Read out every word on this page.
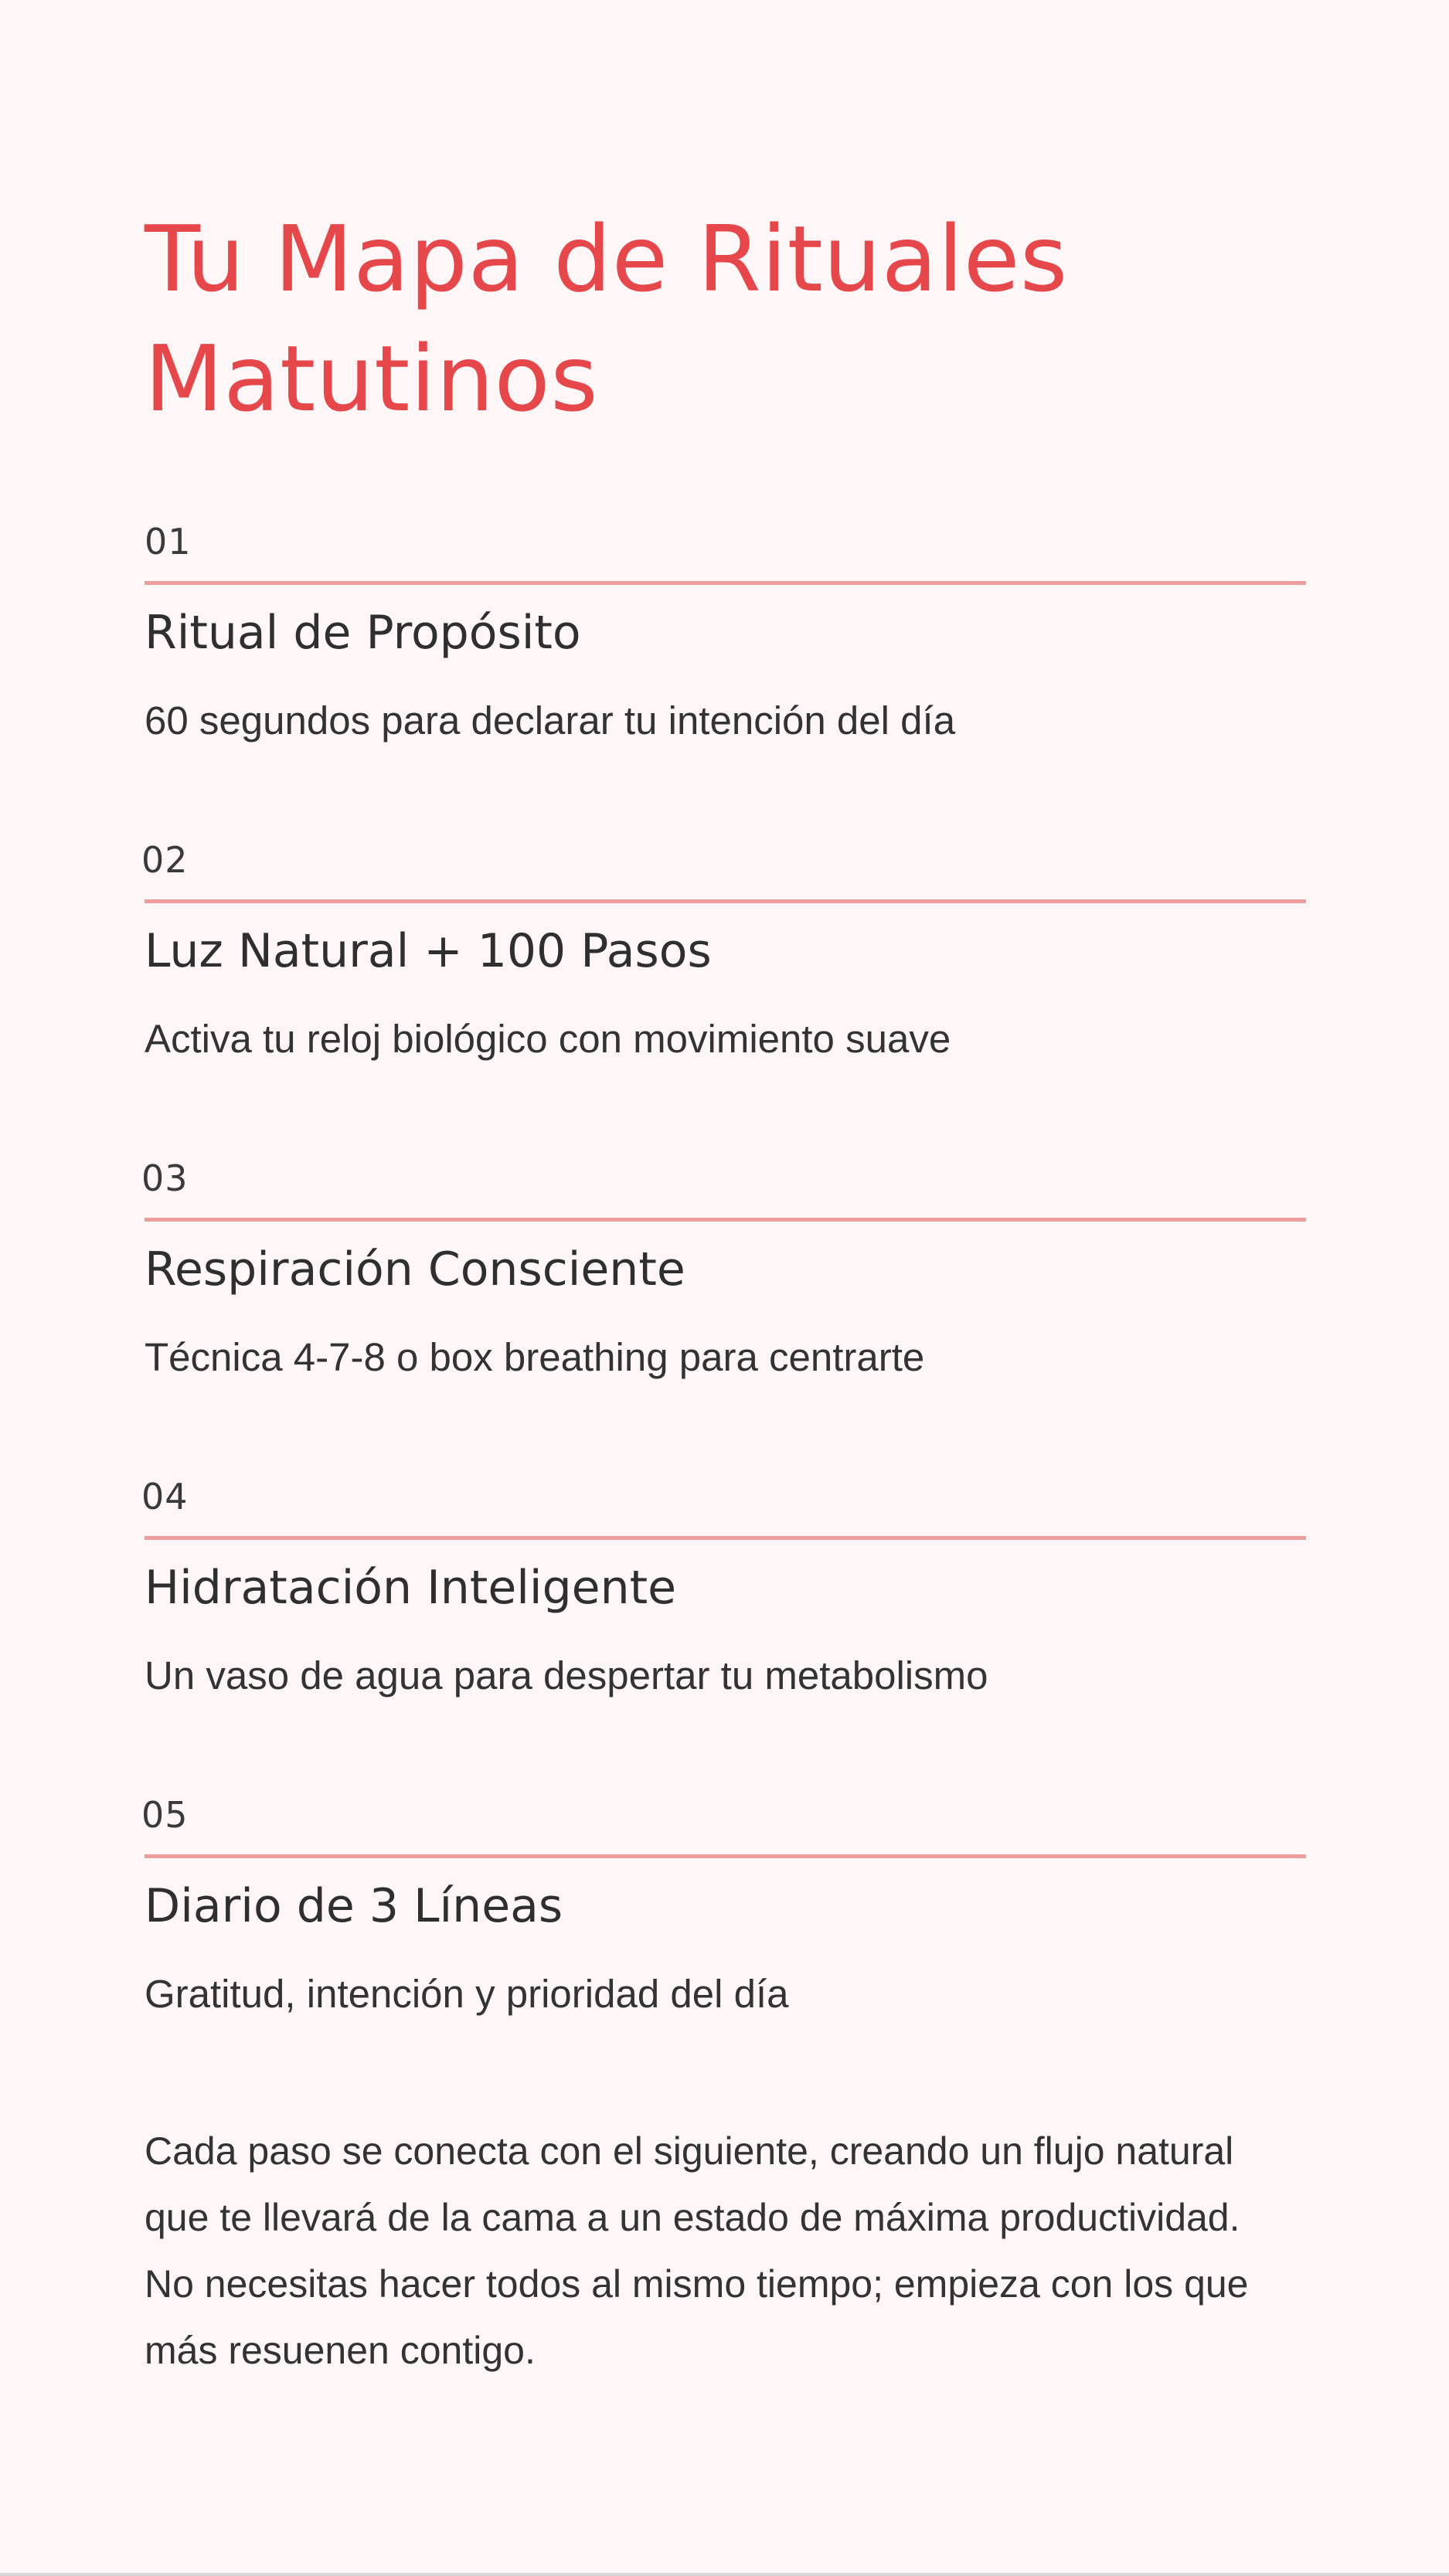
Tu Mapa de Rituales
Matutinos
01
Ritual de Propósito

60 segundos para declarar tu intención del día

02
Luz Natural + 100 Pasos

Activa tu reloj biológico con movimiento suave

03
Respiración Consciente

Técnica 4-7-8 o box breathing para centrarte

04
Hidratación Inteligente

Un vaso de agua para despertar tu metabolismo

05
Diario de 3 Líneas

Gratitud, intención y prioridad del día

Cada paso se conecta con el siguiente, creando un flujo natural
que te llevará de la cama a un estado de máxima productividad.
No necesitas hacer todos al mismo tiempo; empieza con los que
más resuenen contigo.
